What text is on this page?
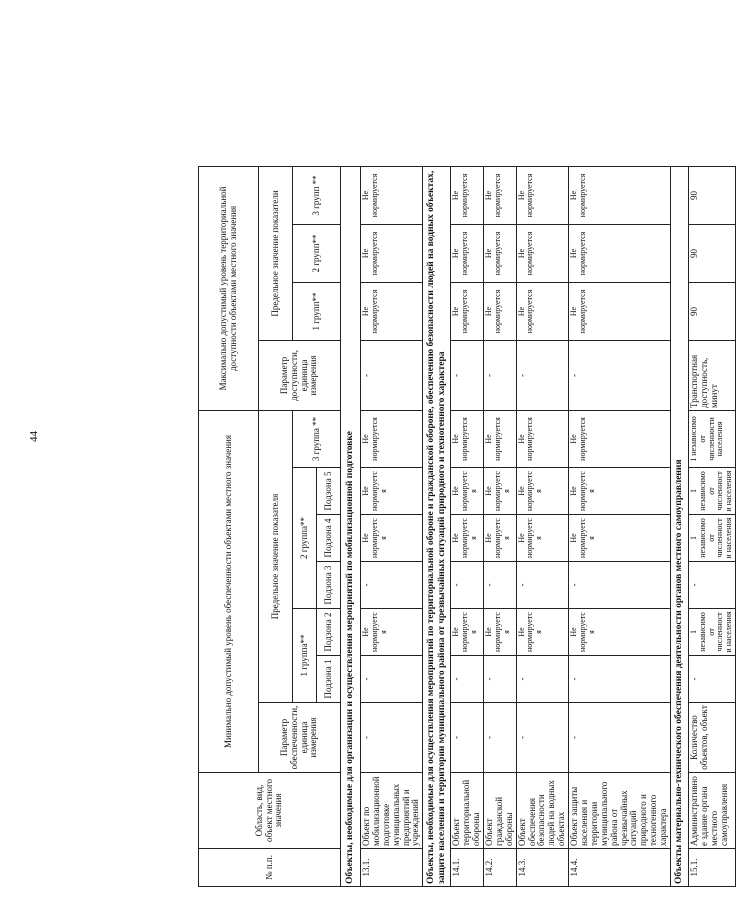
44
№ п.п.	Область, вид, объект местного значения	Минимально допустимый уровень обеспеченности объектами местного значения							Максимально допустимый уровень территориальной доступности объектами местного значения				
		Параметр обеспеченности, единица измерения	Предельное значение показателя						Параметр доступности, единица измерения	Предельное значение показатели			
			1 группа**		2 группа**			3 группа **		1 групп**	2 групп**	3 групп **	
			Подзона 1	Подзона 2	Подзона 3	Подзона 4	Подзона 5						
Объекты, необходимые для организации и осуществления мероприятий по мобилизационной подготовке													
13.1.	Объект по мобилизационной подготовке муниципальных предприятий и учреждений	-	-	Не нормируется	-	Не нормируется	Не нормируется	Не нормируется	-	Не нормируется	Не нормируется	Не нормируется	
Объекты, необходимые для осуществления мероприятий по территориальной обороне и гражданской обороне, обеспечению безопасности людей на водных объектах, защите населения и территории муниципального района от чрезвычайных ситуаций природного и техногенного характера													
14.1.	Объект территориальной обороны	-	-	Не нормируется	-	Не нормируется	Не нормируется	Не нормируется	-	Не нормируется	Не нормируется	Не нормируется	
14.2.	Объект гражданской обороны	-	-	Не нормируется	-	Не нормируется	Не нормируется	Не нормируется	-	Не нормируется	Не нормируется	Не нормируется	
14.3.	Объект обеспечения безопасности людей на водных объектах	-	-	Не нормируется	-	Не нормируется	Не нормируется	Не нормируется	-	Не нормируется	Не нормируется	Не нормируется	
14.4.	Объект защиты населения и территории муниципального района от чрезвычайных ситуаций природного и техногенного характера	-	-	Не нормируется	-	Не нормируется	Не нормируется	Не нормируется	-	Не нормируется	Не нормируется	Не нормируется	
Объекты материально-технического обеспечения деятельности органов местного самоуправления													
15.1.	Административное здание органа местного самоуправления	Количество объектов, объект	-	1 независимо от численности населения	-	1 независимо от численности населения	1 независимо от численности населения	1 независимо от численности населения	Транспортная доступность, минут	90	90	90	
